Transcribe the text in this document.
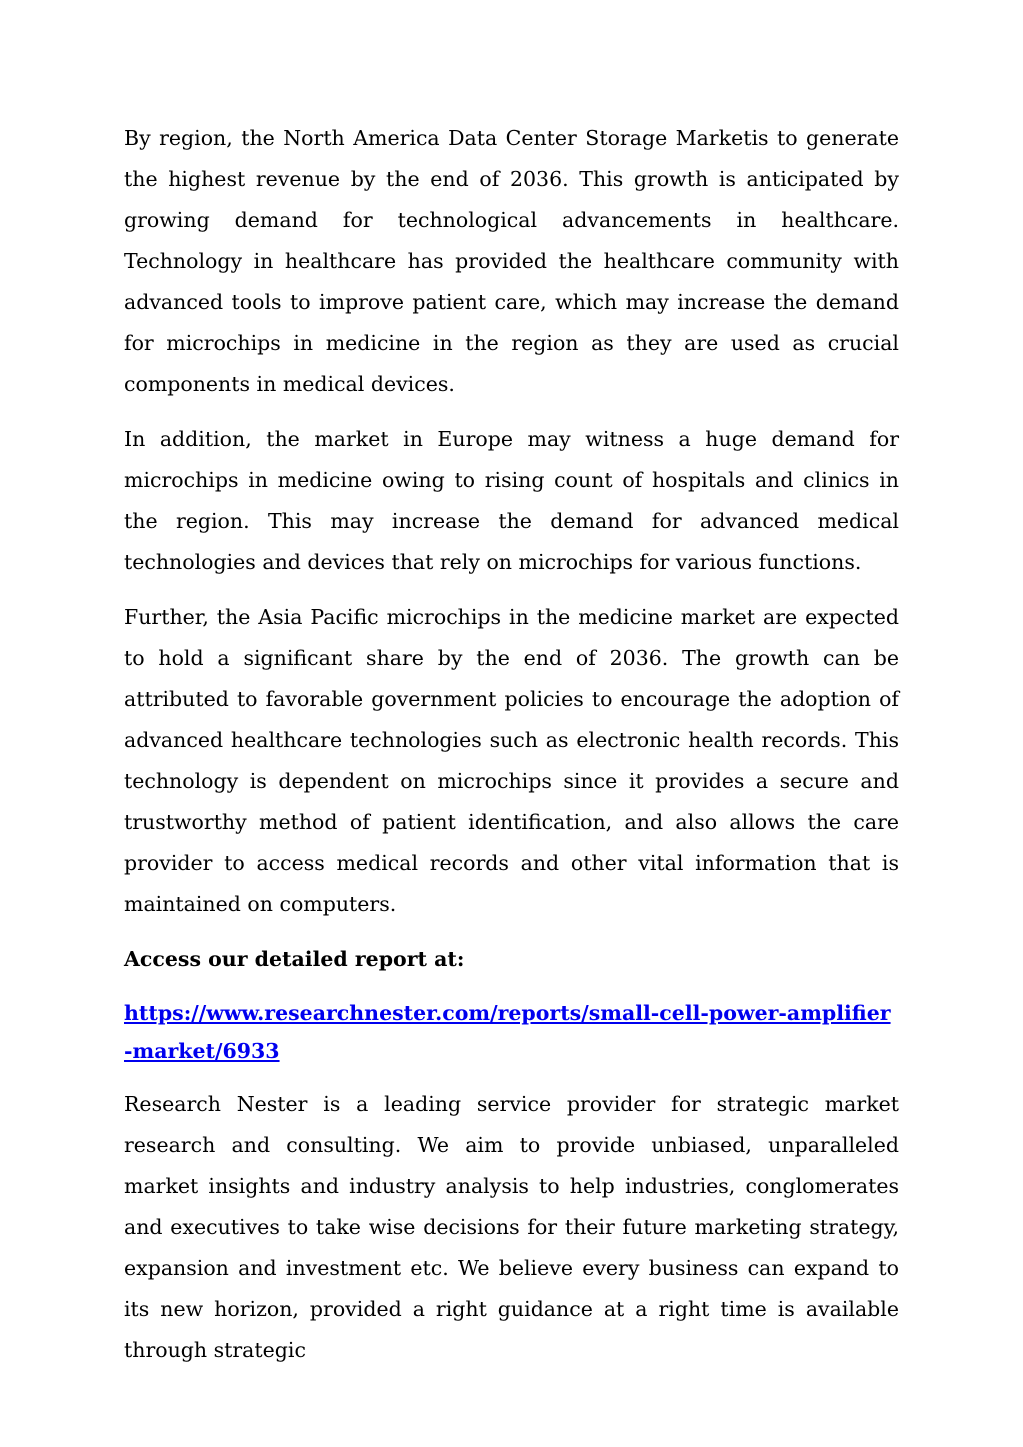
By region, the North America Data Center Storage Marketis to generate the highest revenue by the end of 2036. This growth is anticipated by growing demand for technological advancements in healthcare. Technology in healthcare has provided the healthcare community with advanced tools to improve patient care, which may increase the demand for microchips in medicine in the region as they are used as crucial components in medical devices.

In addition, the market in Europe may witness a huge demand for microchips in medicine owing to rising count of hospitals and clinics in the region. This may increase the demand for advanced medical technologies and devices that rely on microchips for various functions.

Further, the Asia Pacific microchips in the medicine market are expected to hold a significant share by the end of 2036. The growth can be attributed to favorable government policies to encourage the adoption of advanced healthcare technologies such as electronic health records. This technology is dependent on microchips since it provides a secure and trustworthy method of patient identification, and also allows the care provider to access medical records and other vital information that is maintained on computers.

Access our detailed report at:

https://www.researchnester.com/reports/small-cell-power-amplifier-market/6933

Research Nester is a leading service provider for strategic market research and consulting. We aim to provide unbiased, unparalleled market insights and industry analysis to help industries, conglomerates and executives to take wise decisions for their future marketing strategy, expansion and investment etc. We believe every business can expand to its new horizon, provided a right guidance at a right time is available through strategic
